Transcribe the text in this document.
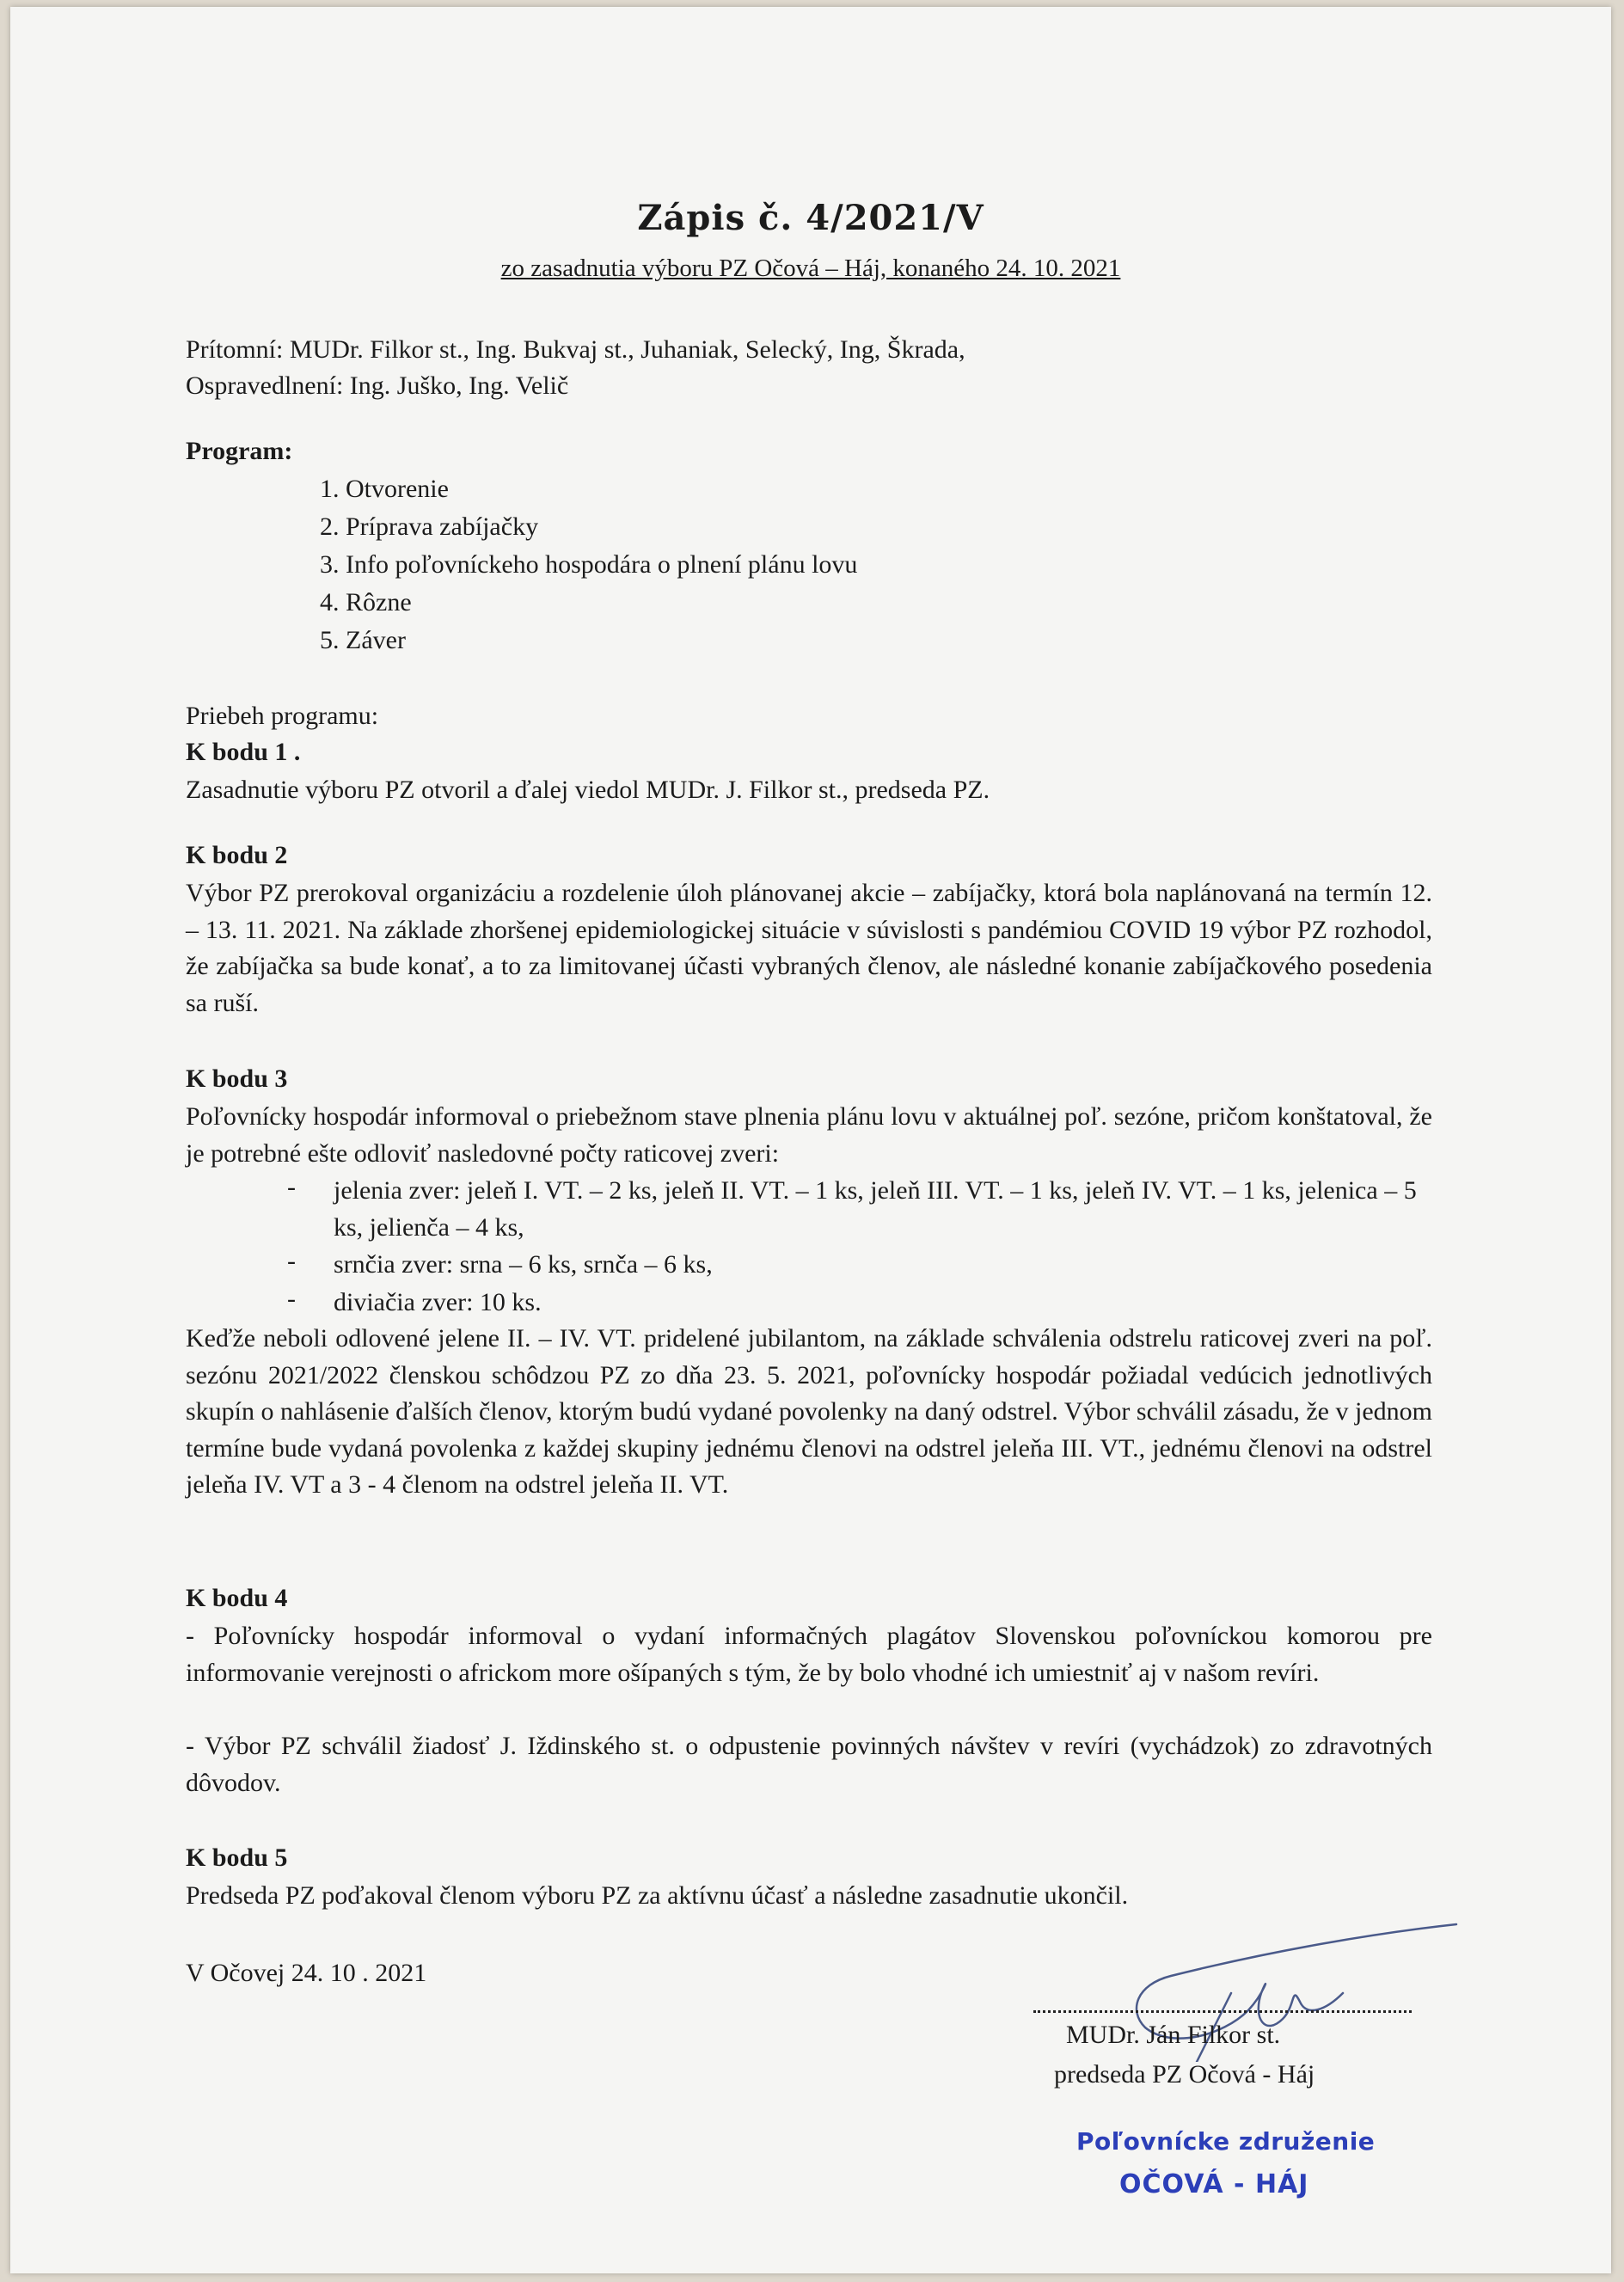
Zápis č. 4/2021/V
zo zasadnutia výboru PZ Očová – Háj, konaného 24. 10. 2021
Prítomní: MUDr. Filkor st., Ing. Bukvaj st., Juhaniak, Selecký, Ing, Škrada,
Ospravedlnení: Ing. Juško, Ing. Velič
Program:
1. Otvorenie
2. Príprava zabíjačky
3. Info poľovníckeho hospodára o plnení plánu lovu
4. Rôzne
5. Záver
Priebeh programu:
K bodu 1 .
Zasadnutie výboru PZ otvoril a ďalej viedol MUDr. J. Filkor st., predseda PZ.
K bodu 2
Výbor PZ prerokoval organizáciu a rozdelenie úloh plánovanej akcie – zabíjačky, ktorá bola naplánovaná na termín 12. – 13. 11. 2021. Na základe zhoršenej epidemiologickej situácie v súvislosti s pandémiou COVID 19 výbor PZ rozhodol, že zabíjačka sa bude konať, a to za limitovanej účasti vybraných členov, ale následné konanie zabíjačkového posedenia sa ruší.
K bodu 3
Poľovnícky hospodár informoval o priebežnom stave plnenia plánu lovu v aktuálnej poľ. sezóne, pričom konštatoval, že je potrebné ešte odloviť nasledovné počty raticovej zveri:
- jelenia zver: jeleň I. VT. – 2 ks, jeleň II. VT. – 1 ks, jeleň III. VT. – 1 ks, jeleň IV. VT. – 1 ks, jelenica – 5 ks, jelienča – 4 ks,
- srnčia zver: srna – 6 ks, srnča – 6 ks,
- diviačia zver: 10 ks.
Keďže neboli odlovené jelene II. – IV. VT. pridelené jubilantom, na základe schválenia odstrelu raticovej zveri na poľ. sezónu 2021/2022 členskou schôdzou PZ zo dňa 23. 5. 2021, poľovnícky hospodár požiadal vedúcich jednotlivých skupín o nahlásenie ďalších členov, ktorým budú vydané povolenky na daný odstrel. Výbor schválil zásadu, že v jednom termíne bude vydaná povolenka z každej skupiny jednému členovi na odstrel jeleňa III. VT., jednému členovi na odstrel jeleňa IV. VT a 3 - 4 členom na odstrel jeleňa II. VT.
K bodu 4
- Poľovnícky hospodár informoval o vydaní informačných plagátov Slovenskou poľovníckou komorou pre informovanie verejnosti o africkom more ošípaných s tým, že by bolo vhodné ich umiestniť aj v našom revíri.
- Výbor PZ schválil žiadosť J. Iždinského st. o odpustenie povinných návštev v revíri (vychádzok) zo zdravotných dôvodov.
K bodu 5
Predseda PZ poďakoval členom výboru PZ za aktívnu účasť a následne zasadnutie ukončil.
V Očovej 24. 10 . 2021
MUDr. Ján Filkor st.
predseda PZ Očová - Háj
Poľovnícke združenie
OČOVÁ - HÁJ
